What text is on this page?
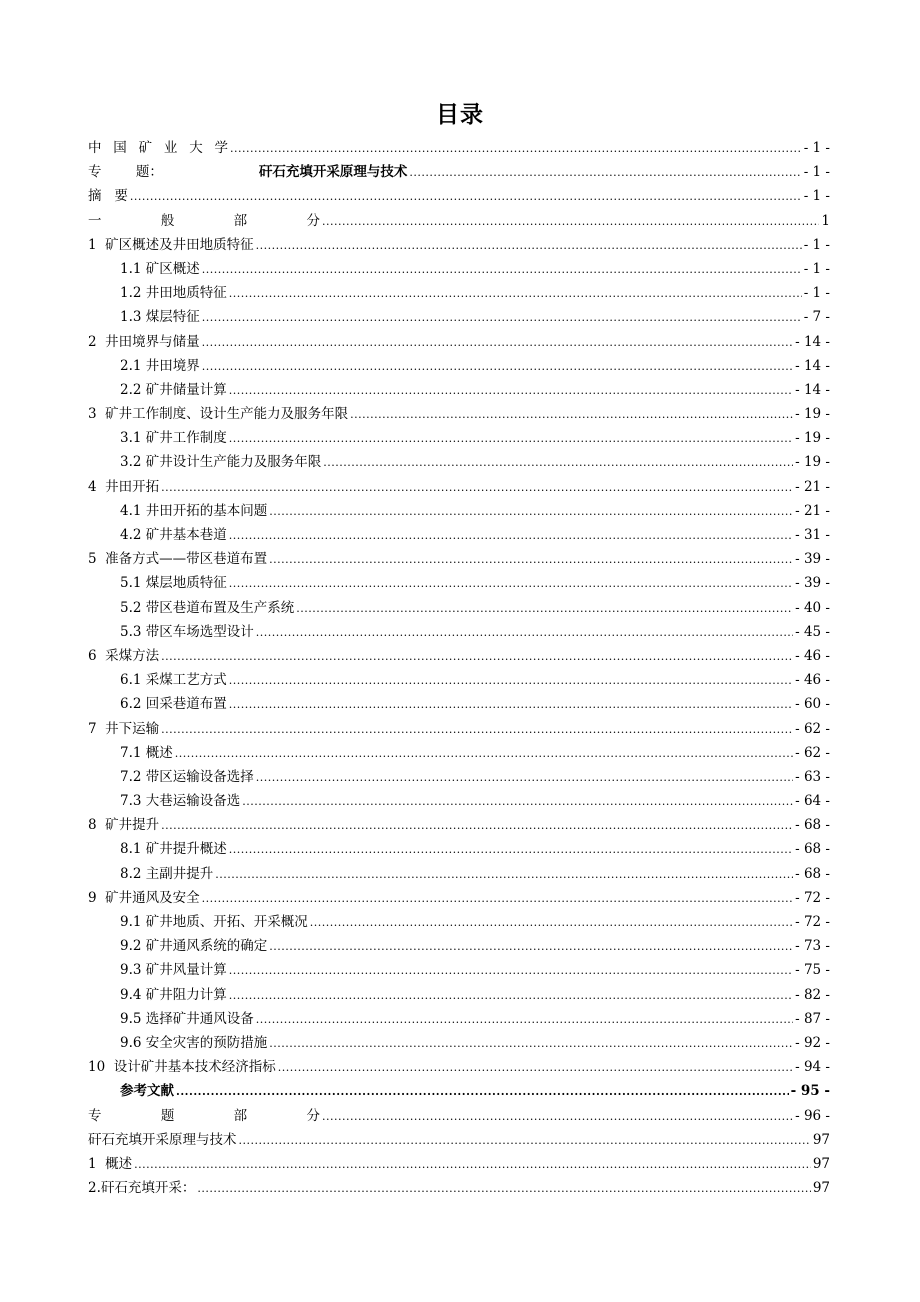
目录
中 国 矿 业 大 学 .....	- 1 -
专        题：	矸石充填开采原理与技术 .....	- 1 -
摘   要 .....	- 1 -
一	般	部	分 .....	1
1  矿区概述及井田地质特征 .....	- 1 -
1.1 矿区概述 .....	- 1 -
1.2 井田地质特征 .....	- 1 -
1.3 煤层特征 .....	- 7 -
2  井田境界与储量 .....	- 14 -
2.1 井田境界 .....	- 14 -
2.2 矿井储量计算 .....	- 14 -
3  矿井工作制度、设计生产能力及服务年限 .....	- 19 -
3.1 矿井工作制度 .....	- 19 -
3.2 矿井设计生产能力及服务年限 .....	- 19 -
4  井田开拓 .....	- 21 -
4.1 井田开拓的基本问题 .....	- 21 -
4.2 矿井基本巷道 .....	- 31 -
5  准备方式——带区巷道布置 .....	- 39 -
5.1 煤层地质特征 .....	- 39 -
5.2 带区巷道布置及生产系统 .....	- 40 -
5.3 带区车场选型设计 .....	- 45 -
6  采煤方法 .....	- 46 -
6.1 采煤工艺方式 .....	- 46 -
6.2 回采巷道布置 .....	- 60 -
7  井下运输 .....	- 62 -
7.1 概述 .....	- 62 -
7.2 带区运输设备选择 .....	- 63 -
7.3 大巷运输设备选 .....	- 64 -
8  矿井提升 .....	- 68 -
8.1 矿井提升概述 .....	- 68 -
8.2 主副井提升 .....	- 68 -
9  矿井通风及安全 .....	- 72 -
9.1 矿井地质、开拓、开采概况 .....	- 72 -
9.2 矿井通风系统的确定 .....	- 73 -
9.3 矿井风量计算 .....	- 75 -
9.4 矿井阻力计算 .....	- 82 -
9.5 选择矿井通风设备 .....	- 87 -
9.6 安全灾害的预防措施 .....	- 92 -
10  设计矿井基本技术经济指标 .....	- 94 -
参考文献 .....	- 95 -
专	题	部	分 .....	- 96 -
矸石充填开采原理与技术 .....	97
1  概述 .....	97
2.矸石充填开采： .....	97
